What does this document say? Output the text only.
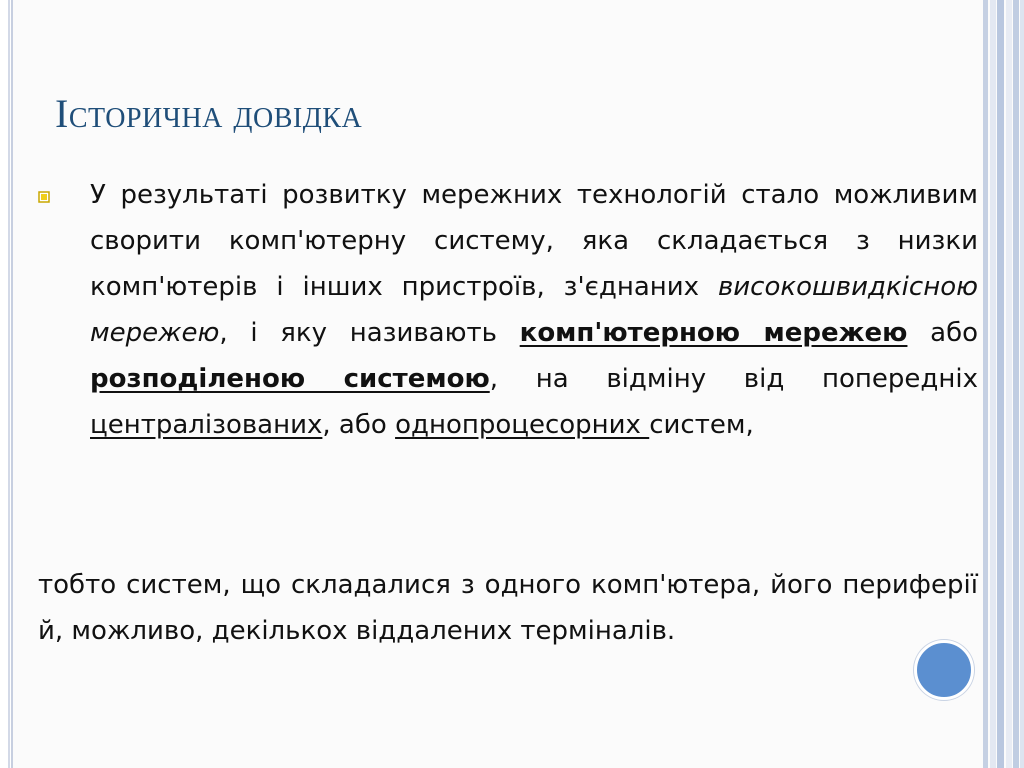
Історична довідка

У результаті розвитку мережних технологій стало можливим сворити комп'ютерну систему, яка складається з низки комп'ютерів і інших пристроїв, з'єднаних високошвидкісною мережею, і яку називають комп'ютерною мережею або розподіленою системою, на відміну від попередніх централізованих, або однопроцесорних систем,

тобто систем, що складалися з одного комп'ютера, його периферії й, можливо, декількох віддалених терміналів.
